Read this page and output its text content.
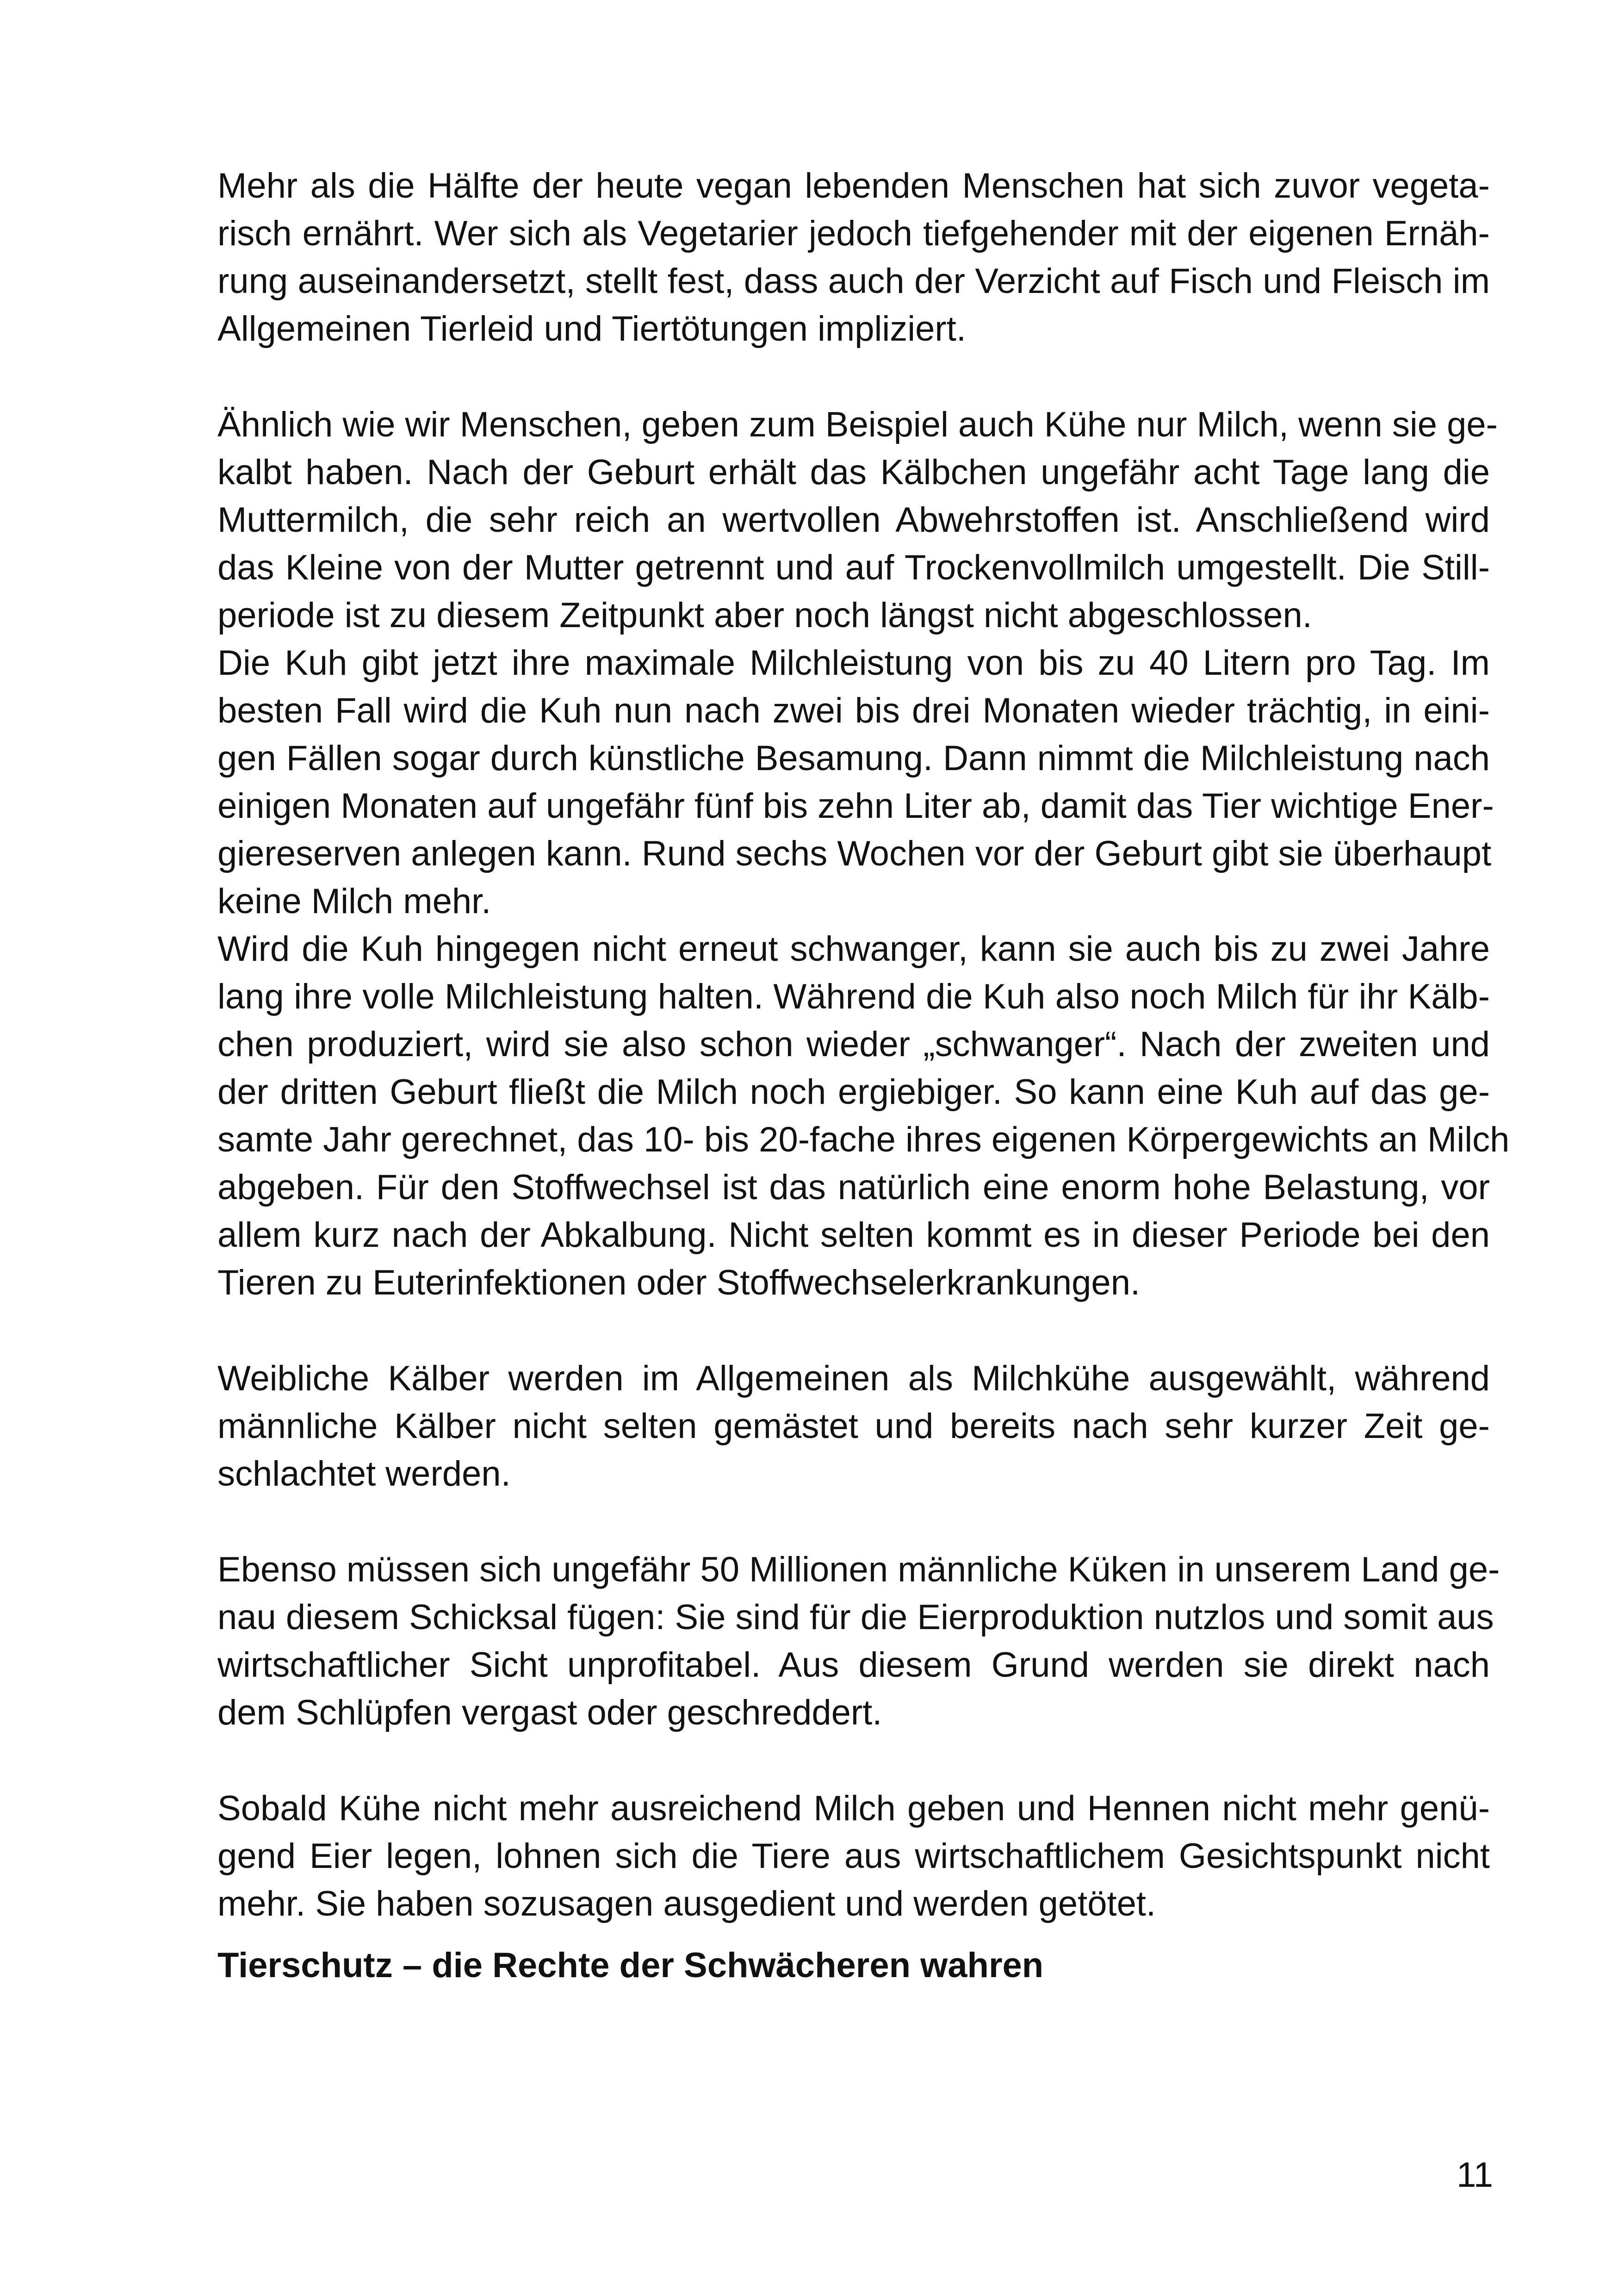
Mehr als die Hälfte der heute vegan lebenden Menschen hat sich zuvor vegeta-
risch ernährt. Wer sich als Vegetarier jedoch tiefgehender mit der eigenen Ernäh-
rung auseinandersetzt, stellt fest, dass auch der Verzicht auf Fisch und Fleisch im
Allgemeinen Tierleid und Tiertötungen impliziert.
Ähnlich wie wir Menschen, geben zum Beispiel auch Kühe nur Milch, wenn sie ge-
kalbt haben. Nach der Geburt erhält das Kälbchen ungefähr acht Tage lang die
Muttermilch, die sehr reich an wertvollen Abwehrstoffen ist. Anschließend wird
das Kleine von der Mutter getrennt und auf Trockenvollmilch umgestellt. Die Still-
periode ist zu diesem Zeitpunkt aber noch längst nicht abgeschlossen.
Die Kuh gibt jetzt ihre maximale Milchleistung von bis zu 40 Litern pro Tag. Im
besten Fall wird die Kuh nun nach zwei bis drei Monaten wieder trächtig, in eini-
gen Fällen sogar durch künstliche Besamung. Dann nimmt die Milchleistung nach
einigen Monaten auf ungefähr fünf bis zehn Liter ab, damit das Tier wichtige Ener-
giereserven anlegen kann. Rund sechs Wochen vor der Geburt gibt sie überhaupt
keine Milch mehr.
Wird die Kuh hingegen nicht erneut schwanger, kann sie auch bis zu zwei Jahre
lang ihre volle Milchleistung halten. Während die Kuh also noch Milch für ihr Kälb-
chen produziert, wird sie also schon wieder „schwanger“. Nach der zweiten und
der dritten Geburt fließt die Milch noch ergiebiger. So kann eine Kuh auf das ge-
samte Jahr gerechnet, das 10- bis 20-fache ihres eigenen Körpergewichts an Milch
abgeben. Für den Stoffwechsel ist das natürlich eine enorm hohe Belastung, vor
allem kurz nach der Abkalbung. Nicht selten kommt es in dieser Periode bei den
Tieren zu Euterinfektionen oder Stoffwechselerkrankungen.
Weibliche Kälber werden im Allgemeinen als Milchkühe ausgewählt, während
männliche Kälber nicht selten gemästet und bereits nach sehr kurzer Zeit ge-
schlachtet werden.
Ebenso müssen sich ungefähr 50 Millionen männliche Küken in unserem Land ge-
nau diesem Schicksal fügen: Sie sind für die Eierproduktion nutzlos und somit aus
wirtschaftlicher Sicht unprofitabel. Aus diesem Grund werden sie direkt nach
dem Schlüpfen vergast oder geschreddert.
Sobald Kühe nicht mehr ausreichend Milch geben und Hennen nicht mehr genü-
gend Eier legen, lohnen sich die Tiere aus wirtschaftlichem Gesichtspunkt nicht
mehr. Sie haben sozusagen ausgedient und werden getötet.
Tierschutz – die Rechte der Schwächeren wahren
11
